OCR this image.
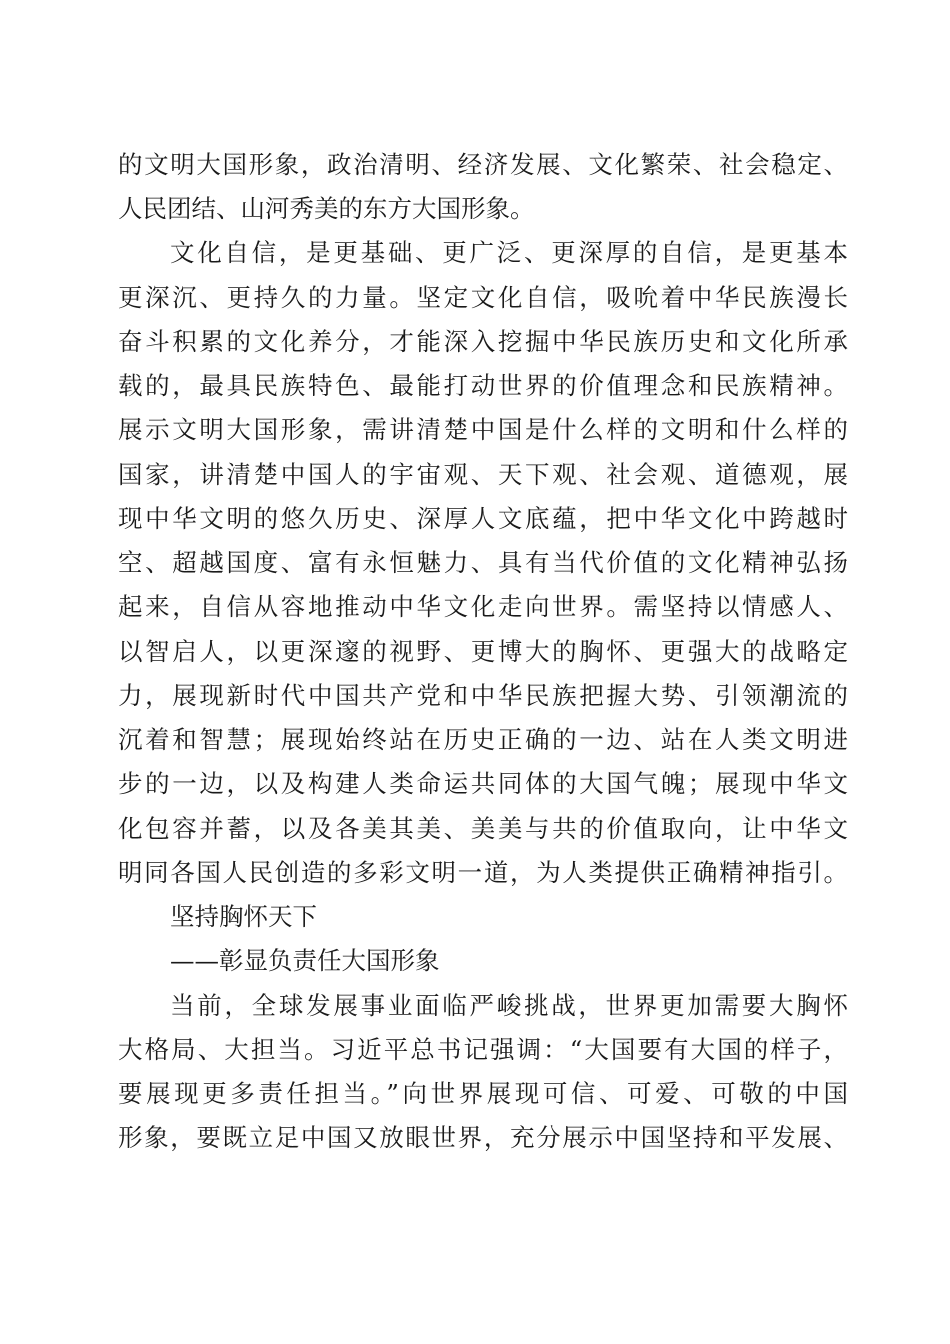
的文明大国形象，政治清明、经济发展、文化繁荣、社会稳定、
人民团结、山河秀美的东方大国形象。
文化自信，是更基础、更广泛、更深厚的自信，是更基本
更深沉、更持久的力量。坚定文化自信，吸吮着中华民族漫长
奋斗积累的文化养分，才能深入挖掘中华民族历史和文化所承
载的，最具民族特色、最能打动世界的价值理念和民族精神。
展示文明大国形象，需讲清楚中国是什么样的文明和什么样的
国家，讲清楚中国人的宇宙观、天下观、社会观、道德观，展
现中华文明的悠久历史、深厚人文底蕴，把中华文化中跨越时
空、超越国度、富有永恒魅力、具有当代价值的文化精神弘扬
起来，自信从容地推动中华文化走向世界。需坚持以情感人、
以智启人，以更深邃的视野、更博大的胸怀、更强大的战略定
力，展现新时代中国共产党和中华民族把握大势、引领潮流的
沉着和智慧；展现始终站在历史正确的一边、站在人类文明进
步的一边，以及构建人类命运共同体的大国气魄；展现中华文
化包容并蓄，以及各美其美、美美与共的价值取向，让中华文
明同各国人民创造的多彩文明一道，为人类提供正确精神指引。
坚持胸怀天下
——彰显负责任大国形象
当前，全球发展事业面临严峻挑战，世界更加需要大胸怀
大格局、大担当。习近平总书记强调：“大国要有大国的样子，
要展现更多责任担当。”向世界展现可信、可爱、可敬的中国
形象，要既立足中国又放眼世界，充分展示中国坚持和平发展、
